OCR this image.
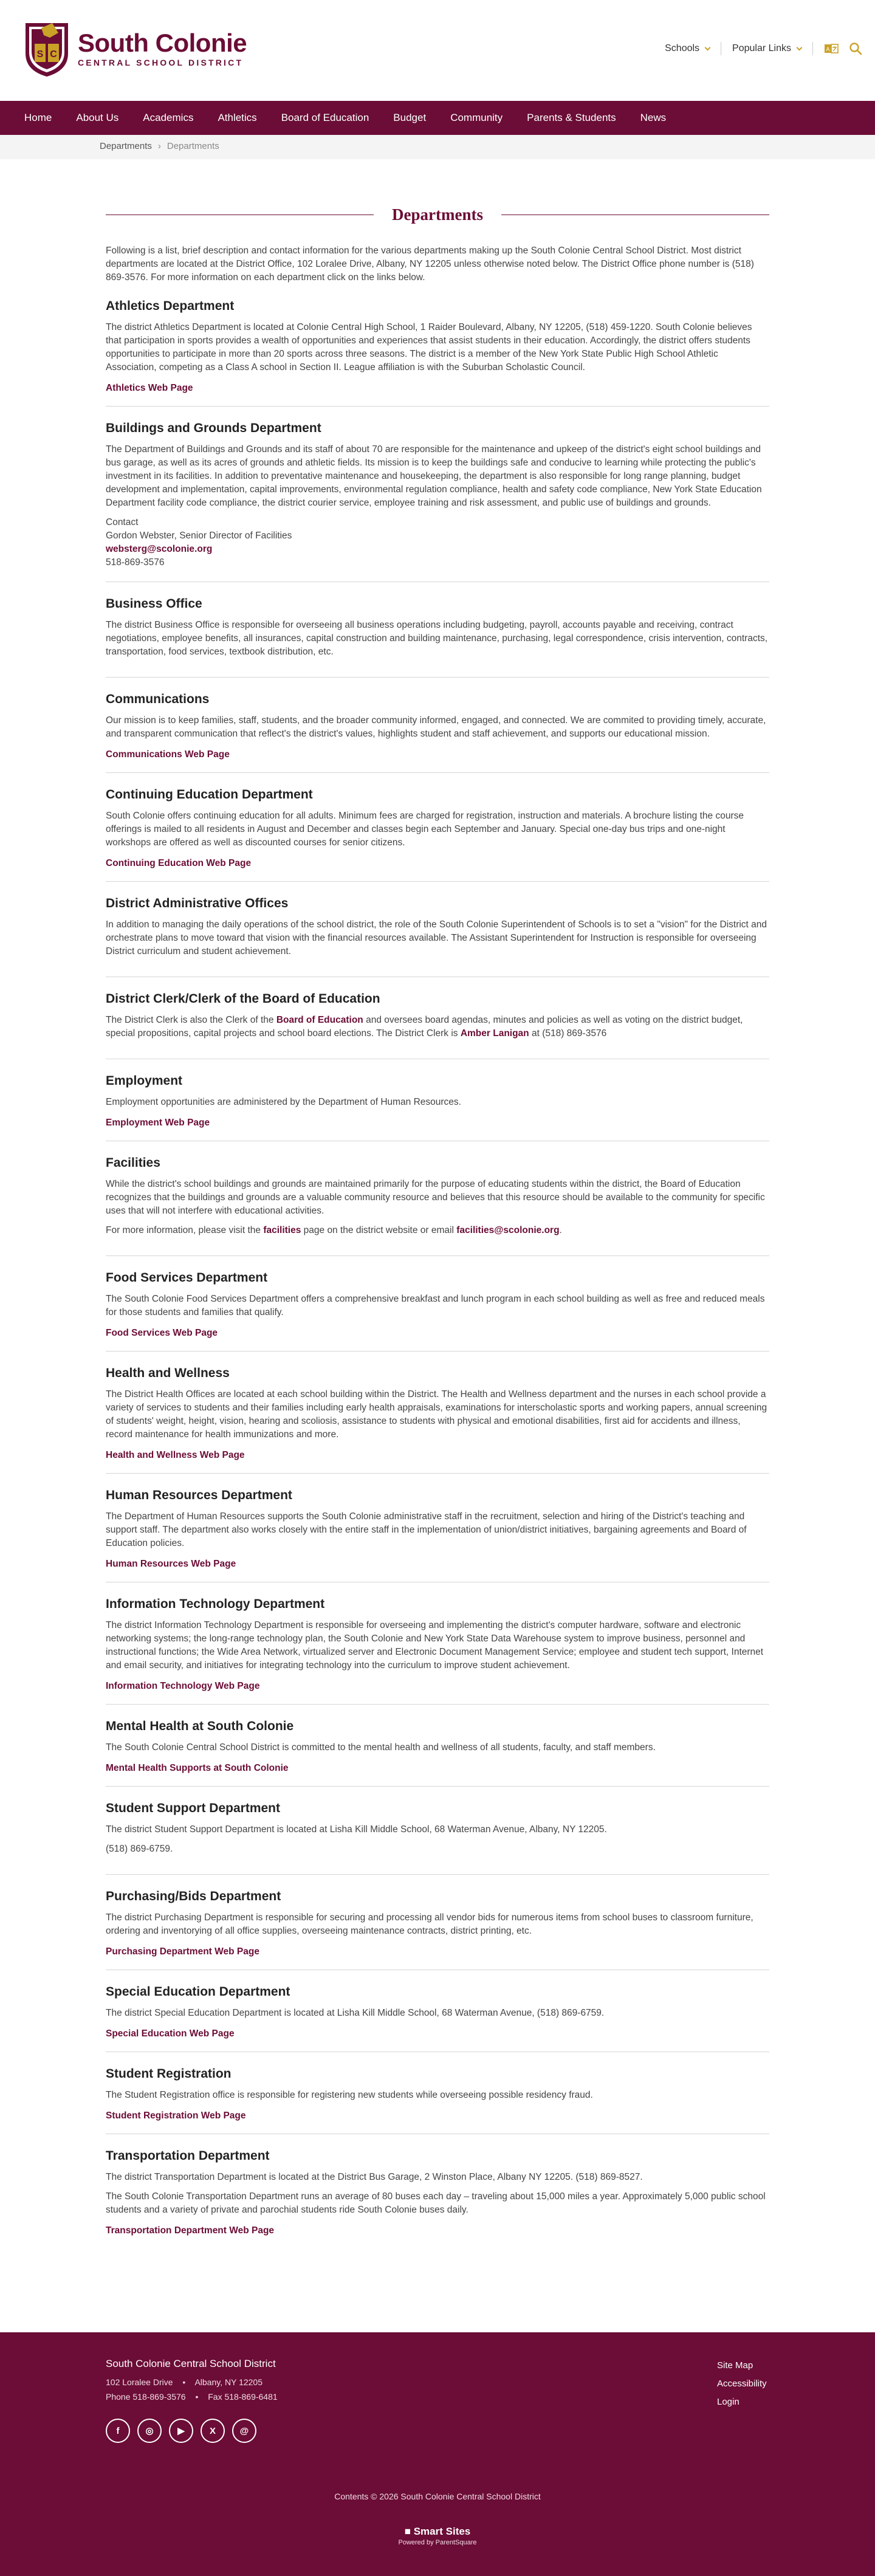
S C South Colonie
CENTRAL SCHOOL DISTRICT
Schools	Popular Links	A
Home	About Us	Academics	Athletics	Board of Education	Budget	Community	Parents & Students	News
Departments › Departments
Departments

Following is a list, brief description and contact information for the various departments making up the South Colonie Central School District. Most district departments are located at the District Office, 102 Loralee Drive, Albany, NY 12205 unless otherwise noted below. The District Office phone number is (518) 869-3576. For more information on each department click on the links below.

Athletics Department

The district Athletics Department is located at Colonie Central High School, 1 Raider Boulevard, Albany, NY 12205, (518) 459-1220. South Colonie believes that participation in sports provides a wealth of opportunities and experiences that assist students in their education. Accordingly, the district offers students opportunities to participate in more than 20 sports across three seasons. The district is a member of the New York State Public High School Athletic Association, competing as a Class A school in Section II. League affiliation is with the Suburban Scholastic Council.

Athletics Web Page
Buildings and Grounds Department

The Department of Buildings and Grounds and its staff of about 70 are responsible for the maintenance and upkeep of the district's eight school buildings and bus garage, as well as its acres of grounds and athletic fields. Its mission is to keep the buildings safe and conducive to learning while protecting the public's investment in its facilities. In addition to preventative maintenance and housekeeping, the department is also responsible for long range planning, budget development and implementation, capital improvements, environmental regulation compliance, health and safety code compliance, New York State Education Department facility code compliance, the district courier service, employee training and risk assessment, and public use of buildings and grounds.

Contact
Gordon Webster, Senior Director of Facilities
websterg@scolonie.org
518-869-3576
Business Office

The district Business Office is responsible for overseeing all business operations including budgeting, payroll, accounts payable and receiving, contract negotiations, employee benefits, all insurances, capital construction and building maintenance, purchasing, legal correspondence, crisis intervention, contracts, transportation, food services, textbook distribution, etc.

Communications

Our mission is to keep families, staff, students, and the broader community informed, engaged, and connected. We are commited to providing timely, accurate, and transparent communication that reflect's the district's values, highlights student and staff achievement, and supports our educational mission.

Communications Web Page
Continuing Education Department

South Colonie offers continuing education for all adults. Minimum fees are charged for registration, instruction and materials. A brochure listing the course offerings is mailed to all residents in August and December and classes begin each September and January. Special one-day bus trips and one-night workshops are offered as well as discounted courses for senior citizens.

Continuing Education Web Page
District Administrative Offices

In addition to managing the daily operations of the school district, the role of the South Colonie Superintendent of Schools is to set a "vision" for the District and orchestrate plans to move toward that vision with the financial resources available. The Assistant Superintendent for Instruction is responsible for overseeing District curriculum and student achievement.

District Clerk/Clerk of the Board of Education

The District Clerk is also the Clerk of the Board of Education and oversees board agendas, minutes and policies as well as voting on the district budget, special propositions, capital projects and school board elections. The District Clerk is Amber Lanigan at (518) 869-3576

Employment

Employment opportunities are administered by the Department of Human Resources.

Employment Web Page
Facilities

While the district's school buildings and grounds are maintained primarily for the purpose of educating students within the district, the Board of Education recognizes that the buildings and grounds are a valuable community resource and believes that this resource should be available to the community for specific uses that will not interfere with educational activities.

For more information, please visit the facilities page on the district website or email facilities@scolonie.org.

Food Services Department

The South Colonie Food Services Department offers a comprehensive breakfast and lunch program in each school building as well as free and reduced meals for those students and families that qualify.

Food Services Web Page
Health and Wellness

The District Health Offices are located at each school building within the District. The Health and Wellness department and the nurses in each school provide a variety of services to students and their families including early health appraisals, examinations for interscholastic sports and working papers, annual screening of students' weight, height, vision, hearing and scoliosis, assistance to students with physical and emotional disabilities, first aid for accidents and illness, record maintenance for health immunizations and more.

Health and Wellness Web Page
Human Resources Department

The Department of Human Resources supports the South Colonie administrative staff in the recruitment, selection and hiring of the District's teaching and support staff. The department also works closely with the entire staff in the implementation of union/district initiatives, bargaining agreements and Board of Education policies.

Human Resources Web Page
Information Technology Department

The district Information Technology Department is responsible for overseeing and implementing the district's computer hardware, software and electronic networking systems; the long-range technology plan, the South Colonie and New York State Data Warehouse system to improve business, personnel and instructional functions; the Wide Area Network, virtualized server and Electronic Document Management Service; employee and student tech support, Internet and email security, and initiatives for integrating technology into the curriculum to improve student achievement.

Information Technology Web Page
Mental Health at South Colonie

The South Colonie Central School District is committed to the mental health and wellness of all students, faculty, and staff members.

Mental Health Supports at South Colonie
Student Support Department

The district Student Support Department is located at Lisha Kill Middle School, 68 Waterman Avenue, Albany, NY 12205.

(518) 869-6759.

Purchasing/Bids Department

The district Purchasing Department is responsible for securing and processing all vendor bids for numerous items from school buses to classroom furniture, ordering and inventorying of all office supplies, overseeing maintenance contracts, district printing, etc.

Purchasing Department Web Page
Special Education Department

The district Special Education Department is located at Lisha Kill Middle School, 68 Waterman Avenue, (518) 869-6759.

Special Education Web Page
Student Registration

The Student Registration office is responsible for registering new students while overseeing possible residency fraud.

Student Registration Web Page
Transportation Department

The district Transportation Department is located at the District Bus Garage, 2 Winston Place, Albany NY 12205. (518) 869-8527.

The South Colonie Transportation Department runs an average of 80 buses each day – traveling about 15,000 miles a year. Approximately 5,000 public school students and a variety of private and parochial students ride South Colonie buses daily.

Transportation Department Web Page
South Colonie Central School District
102 Loralee Drive • Albany, NY 12205
Phone 518-869-3576 • Fax 518-869-6481
f	◎	▶	X	@
Site Map
Accessibility
Login
Contents © 2026 South Colonie Central School District
■ Smart Sites
Powered by ParentSquare
